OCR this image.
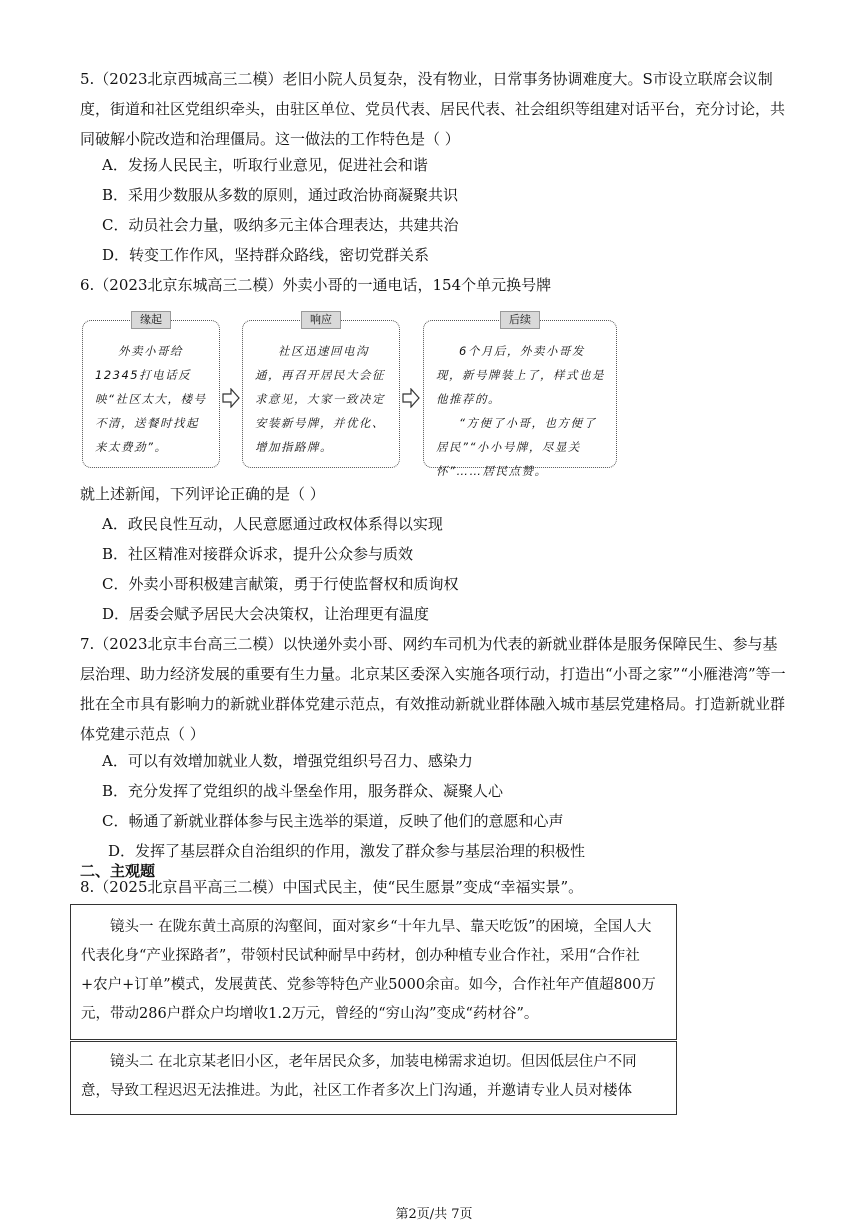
5.（2023北京西城高三二模）老旧小院人员复杂，没有物业，日常事务协调难度大。S市设立联席会议制度，街道和社区党组织牵头，由驻区单位、党员代表、居民代表、社会组织等组建对话平台，充分讨论，共同破解小院改造和治理僵局。这一做法的工作特色是（ ）
A．发扬人民民主，听取行业意见，促进社会和谐
B．采用少数服从多数的原则，通过政治协商凝聚共识
C．动员社会力量，吸纳多元主体合理表达，共建共治
D．转变工作作风，坚持群众路线，密切党群关系
6.（2023北京东城高三二模）外卖小哥的一通电话，154个单元换号牌
缘起

外卖小哥给12345打电话反映“社区太大，楼号不清，送餐时找起来太费劲”。

响应

社区迅速回电沟通，再召开居民大会征求意见，大家一致决定安装新号牌，并优化、增加指路牌。

后续

6个月后，外卖小哥发现，新号牌装上了，样式也是他推荐的。

“方便了小哥，也方便了居民”“小小号牌，尽显关怀”……居民点赞。

就上述新闻，下列评论正确的是（ ）
A．政民良性互动，人民意愿通过政权体系得以实现
B．社区精准对接群众诉求，提升公众参与质效
C．外卖小哥积极建言献策，勇于行使监督权和质询权
D．居委会赋予居民大会决策权，让治理更有温度
7.（2023北京丰台高三二模）以快递外卖小哥、网约车司机为代表的新就业群体是服务保障民生、参与基层治理、助力经济发展的重要有生力量。北京某区委深入实施各项行动，打造出“小哥之家”“小雁港湾”等一批在全市具有影响力的新就业群体党建示范点，有效推动新就业群体融入城市基层党建格局。打造新就业群体党建示范点（ ）
A．可以有效增加就业人数，增强党组织号召力、感染力
B．充分发挥了党组织的战斗堡垒作用，服务群众、凝聚人心
C．畅通了新就业群体参与民主选举的渠道，反映了他们的意愿和心声
D．发挥了基层群众自治组织的作用，激发了群众参与基层治理的积极性
二、主观题
8.（2025北京昌平高三二模）中国式民主，使“民生愿景”变成“幸福实景”。

镜头一 在陇东黄土高原的沟壑间，面对家乡“十年九旱、靠天吃饭”的困境，全国人大代表化身“产业探路者”，带领村民试种耐旱中药材，创办种植专业合作社，采用“合作社+农户+订单”模式，发展黄芪、党参等特色产业5000余亩。如今，合作社年产值超800万元，带动286户群众户均增收1.2万元，曾经的“穷山沟”变成“药材谷”。

镜头二 在北京某老旧小区，老年居民众多，加装电梯需求迫切。但因低层住户不同意，导致工程迟迟无法推进。为此，社区工作者多次上门沟通，并邀请专业人员对楼体

第2页/共 7页
